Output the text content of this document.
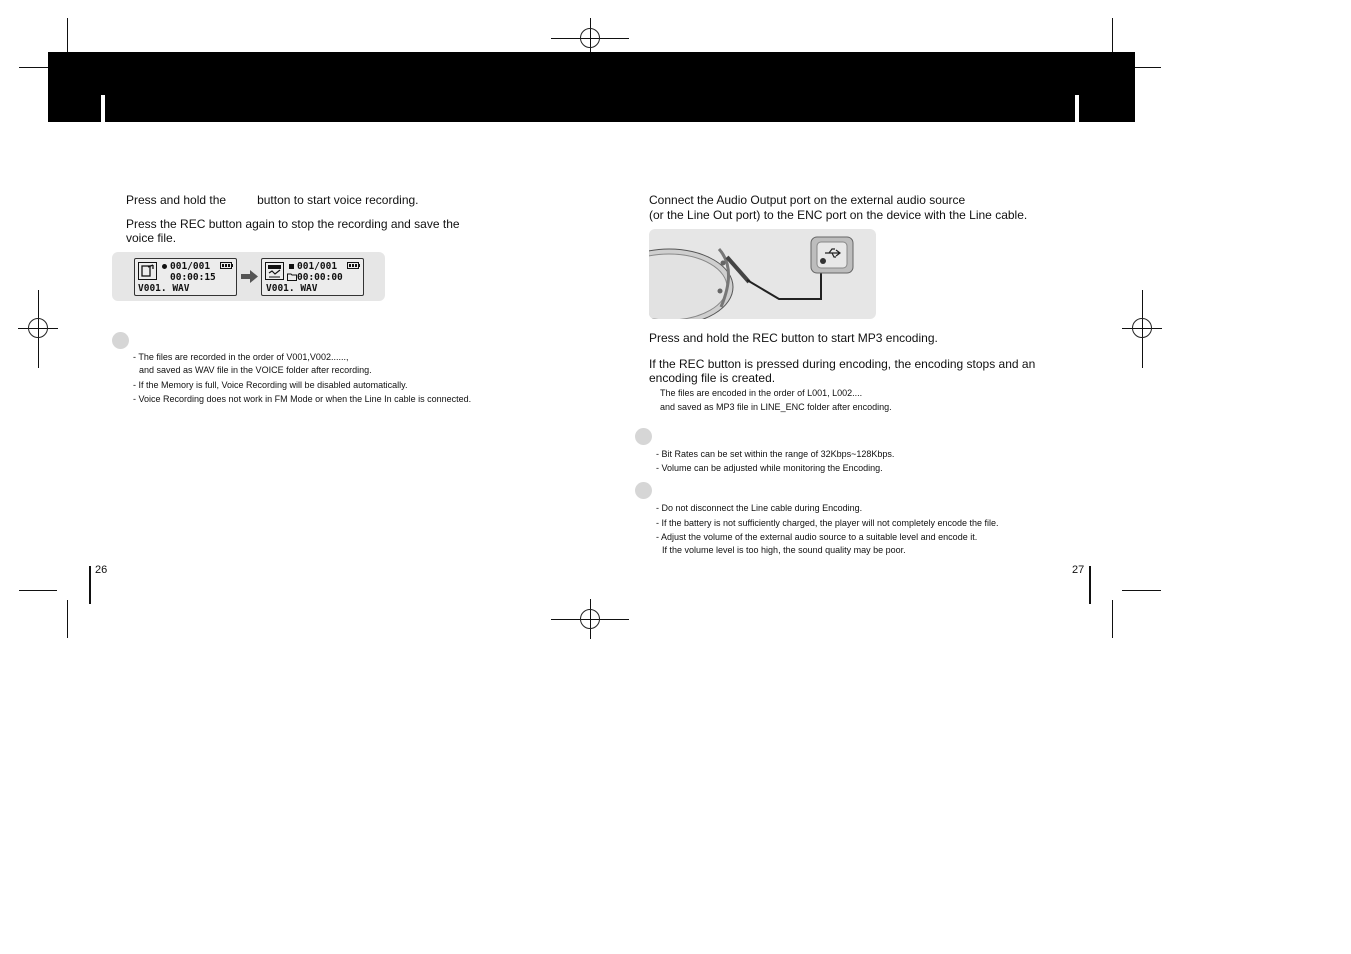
Press and hold the	button to start voice recording.
Press the REC button again to stop the recording and save the
voice file.
001/001
00:00:15
V001. WAV
001/001
00:00:00
V001. WAV
- The files are recorded in the order of V001,V002......,
and saved as WAV file in the VOICE folder after recording.
- If the Memory is full, Voice Recording will be disabled automatically.
- Voice Recording does not work in FM Mode or when the Line In cable is connected.
26
Connect the Audio Output port on the external audio source
(or the Line Out port) to the ENC port on the device with the Line cable.
Press and hold the REC button to start MP3 encoding.
If the REC button is pressed during encoding, the encoding stops and an
encoding file is created.
The files are encoded in the order of L001, L002....
and saved as MP3 file in LINE_ENC folder after encoding.
- Bit Rates can be set within the range of 32Kbps~128Kbps.
- Volume can be adjusted while monitoring the Encoding.
- Do not disconnect the Line cable during Encoding.
- If the battery is not sufficiently charged, the player will not completely encode the file.
- Adjust the volume of the external audio source to a suitable level and encode it.
If the volume level is too high, the sound quality may be poor.
27
